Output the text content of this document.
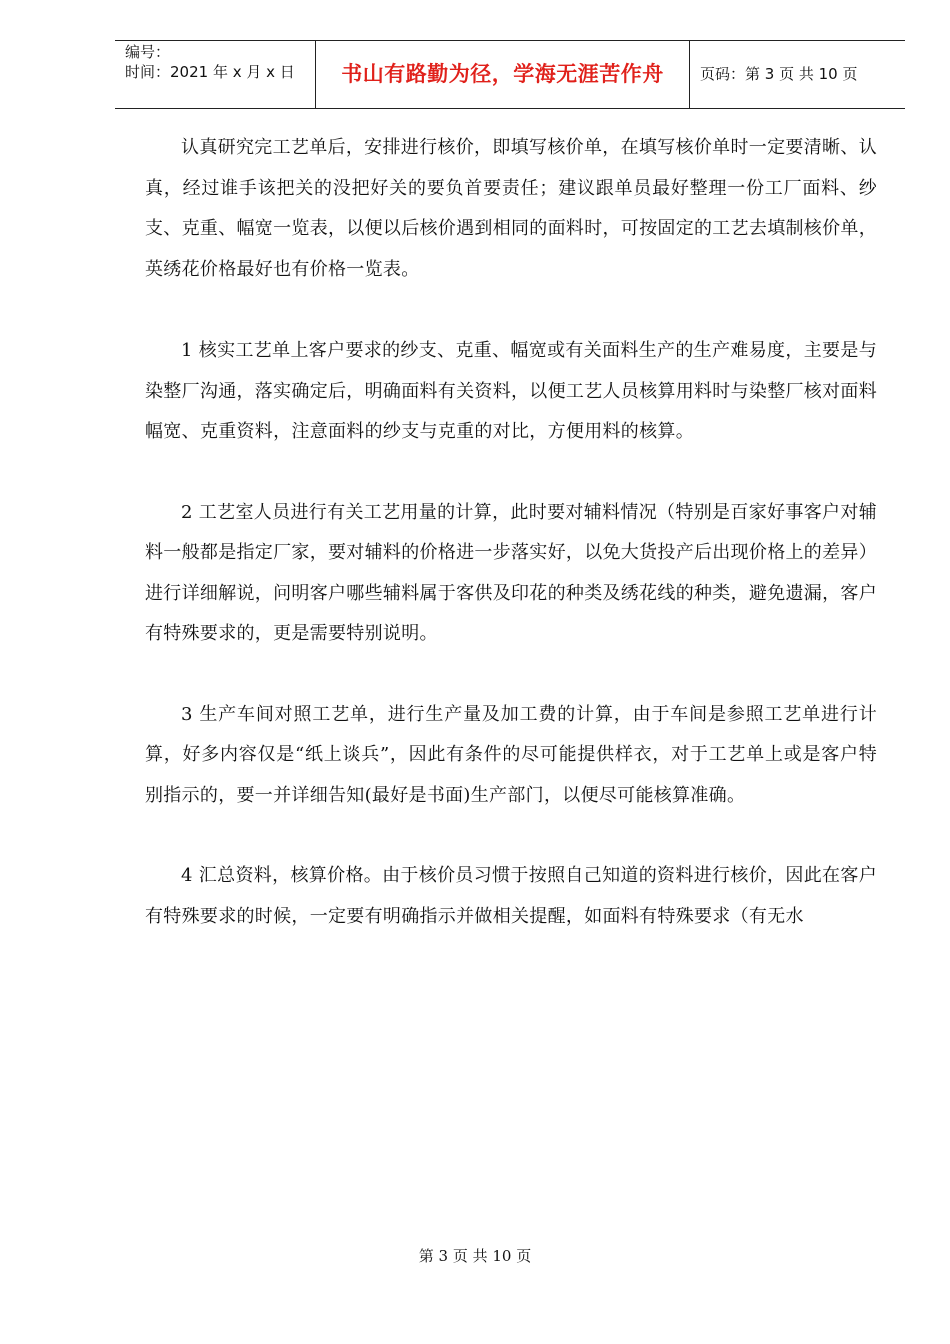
编号：
时间：2021 年 x 月 x 日	书山有路勤为径，学海无涯苦作舟	页码：第 3 页 共 10 页

认真研究完工艺单后，安排进行核价，即填写核价单，在填写核价单时一定要清晰、认真，经过谁手该把关的没把好关的要负首要责任；建议跟单员最好整理一份工厂面料、纱支、克重、幅宽一览表，以便以后核价遇到相同的面料时，可按固定的工艺去填制核价单，英绣花价格最好也有价格一览表。

1 核实工艺单上客户要求的纱支、克重、幅宽或有关面料生产的生产难易度，主要是与染整厂沟通，落实确定后，明确面料有关资料，以便工艺人员核算用料时与染整厂核对面料幅宽、克重资料，注意面料的纱支与克重的对比，方便用料的核算。

2 工艺室人员进行有关工艺用量的计算，此时要对辅料情况（特别是百家好事客户对辅料一般都是指定厂家，要对辅料的价格进一步落实好，以免大货投产后出现价格上的差异）进行详细解说，问明客户哪些辅料属于客供及印花的种类及绣花线的种类，避免遗漏，客户有特殊要求的，更是需要特别说明。

3 生产车间对照工艺单，进行生产量及加工费的计算，由于车间是参照工艺单进行计算，好多内容仅是“纸上谈兵”，因此有条件的尽可能提供样衣，对于工艺单上或是客户特别指示的，要一并详细告知(最好是书面)生产部门，以便尽可能核算准确。

4 汇总资料，核算价格。由于核价员习惯于按照自己知道的资料进行核价，因此在客户有特殊要求的时候，一定要有明确指示并做相关提醒，如面料有特殊要求（有无水

第 3 页 共 10 页
